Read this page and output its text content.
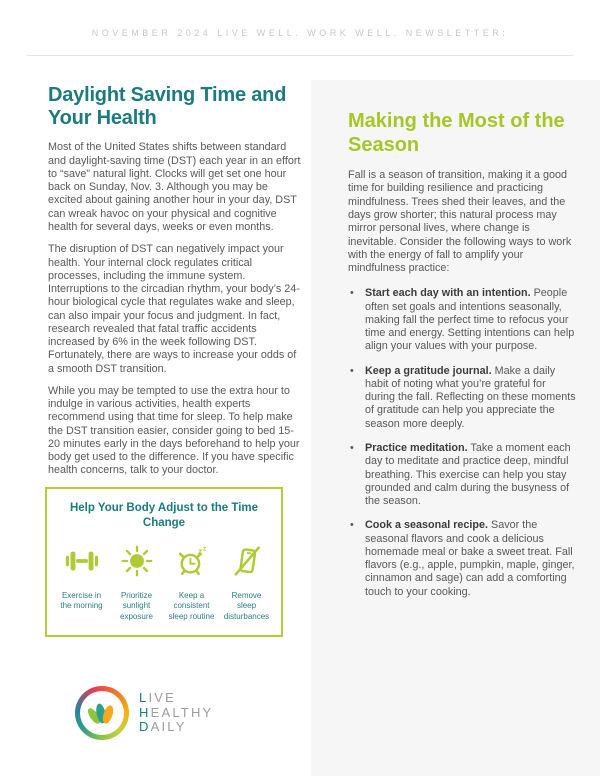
NOVEMBER 2024 LIVE WELL. WORK WELL. NEWSLETTER:
Making the Most of the Season

Fall is a season of transition, making it a good time for building resilience and practicing mindfulness. Trees shed their leaves, and the days grow shorter; this natural process may mirror personal lives, where change is inevitable. Consider the following ways to work with the energy of fall to amplify your mindfulness practice:

• Start each day with an intention. People often set goals and intentions seasonally, making fall the perfect time to refocus your time and energy. Setting intentions can help align your values with your purpose.
• Keep a gratitude journal. Make a daily habit of noting what you’re grateful for during the fall. Reflecting on these moments of gratitude can help you appreciate the season more deeply.
• Practice meditation. Take a moment each day to meditate and practice deep, mindful breathing. This exercise can help you stay grounded and calm during the busyness of the season.
• Cook a seasonal recipe. Savor the seasonal flavors and cook a delicious homemade meal or bake a sweet treat. Fall flavors (e.g., apple, pumpkin, maple, ginger, cinnamon and sage) can add a comforting touch to your cooking.
Daylight Saving Time and Your Health

Most of the United States shifts between standard and daylight-saving time (DST) each year in an effort to “save” natural light. Clocks will get set one hour back on Sunday, Nov. 3. Although you may be excited about gaining another hour in your day, DST can wreak havoc on your physical and cognitive health for several days, weeks or even months.

The disruption of DST can negatively impact your health. Your internal clock regulates critical processes, including the immune system. Interruptions to the circadian rhythm, your body’s 24-hour biological cycle that regulates wake and sleep, can also impair your focus and judgment. In fact, research revealed that fatal traffic accidents increased by 6% in the week following DST. Fortunately, there are ways to increase your odds of a smooth DST transition.

While you may be tempted to use the extra hour to indulge in various activities, health experts recommend using that time for sleep. To help make the DST transition easier, consider going to bed 15-20 minutes early in the days beforehand to help your body get used to the difference. If you have specific health concerns, talk to your doctor.

Help Your Body Adjust to the Time Change
Exercise in the morning
Prioritize sunlight exposure
z z
Keep a consistent sleep routine
Remove sleep disturbances
LIVE
HEALTHY
DAILY
